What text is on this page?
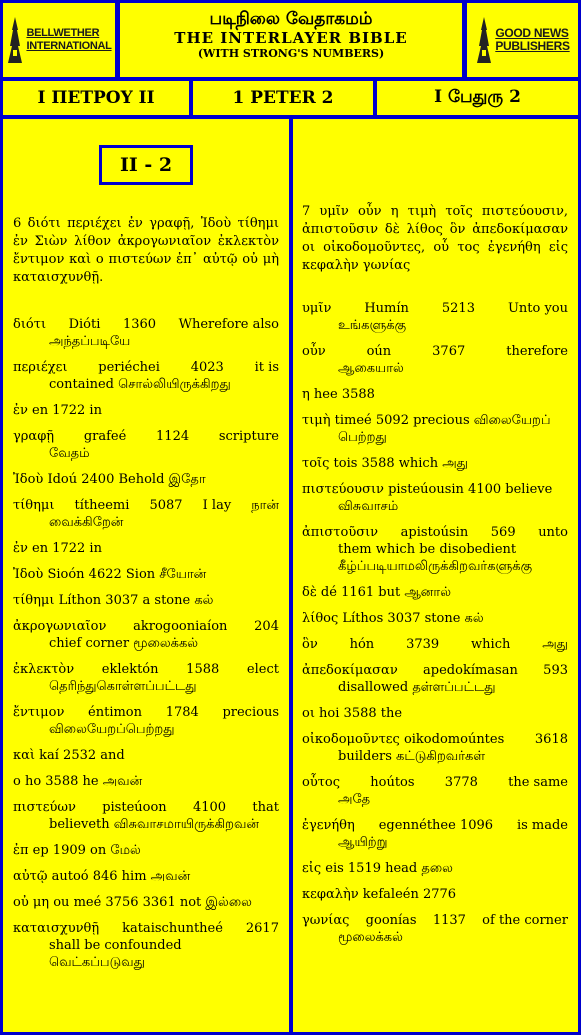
BELLWETHER
INTERNATIONAL
படிநிலை வேதாகமம்
THE INTERLAYER BIBLE
(WITH STRONG'S NUMBERS)
GOOD NEWS
PUBLISHERS
Ι ΠΕΤΡΟΥ ΙΙ	1 PETER 2	I பேதுரு 2
II - 2
6 διότι περιέχει ἐν γραφῇ, Ἰδοὺ τίθημι ἐν Σιὼν λίθον ἀκρογωνιαῖον ἐκλεκτὸν ἔντιμον καὶ ο πιστεύων ἐπ᾽ αὐτῷ οὐ μὴ καταισχυνθῇ.
7 υμῖν οὖν η τιμὴ τοῖς πιστεύουσιν, ἀπιστοῦσιν δὲ λίθος ὃν ἀπεδοκίμασαν οι οἰκοδομοῦντες, οὗ τος ἐγενήθη εἰς κεφαλὴν γωνίας
διότι Dióti 1360 Wherefore also
அந்தப்படியே
περιέχει periéchei 4023 it is
contained சொல்லியிருக்கிறது
ἐν en 1722 in
γραφῇ grafeé 1124 scripture
வேதம்
Ἰδοὺ Idoú 2400 Behold இதோ
τίθημι títheemi 5087 I lay நான்
வைக்கிறேன்
ἐν en 1722 in
Ἰδοὺ Sioón 4622 Sion சீயோன்
τίθημι Líthon 3037 a stone கல்
ἀκρογωνιαῖον akrogooniaíon 204
chief corner மூலைக்கல்
ἐκλεκτὸν eklektón 1588 elect
தெரிந்துகொள்ளப்பட்டது
ἔντιμον éntimon 1784 precious
விலையேறப்பெற்றது
καὶ kaí 2532 and
ο ho 3588 he அவன்
πιστεύων pisteúoon 4100 that
believeth விசுவாசமாயிருக்கிறவன்
ἐπ ep 1909 on மேல்
αὐτῷ autoó 846 him அவன்
οὐ μη ou meé 3756 3361 not இல்லை
καταισχυνθῇ kataischuntheé 2617
shall be confounded
வெட்கப்படுவது
υμῖν	Humín	5213	Unto you
உங்களுக்கு
οὖν	oún	3767	therefore
ஆகையால்
η hee 3588
τιμὴ timeé 5092 precious விலையேறப்
பெற்றது
τοῖς tois 3588 which அது
πιστεύουσιν pisteúousin 4100 believe
விசுவாசம்
ἀπιστοῦσιν apistoúsin 569 unto
them which be disobedient
கீழ்ப்படியாமலிருக்கிறவர்களுக்கு
δὲ dé 1161 but ஆனால்
λίθος Líthos 3037 stone கல்
ὃν hón 3739 which அது
ἀπεδοκίμασαν apedokímasan 593
disallowed தள்ளப்பட்டது
οι hoi 3588 the
οἰκοδομοῦντες oikodomoúntes 3618
builders கட்டுகிறவர்கள்
οὗτος hoútos 3778 the same
அதே
ἐγενήθη egennéthee 1096 is made
ஆயிற்று
εἰς eis 1519 head தலை
κεφαλὴν kefaleén 2776
γωνίας goonías 1137 of the corner
மூலைக்கல்
